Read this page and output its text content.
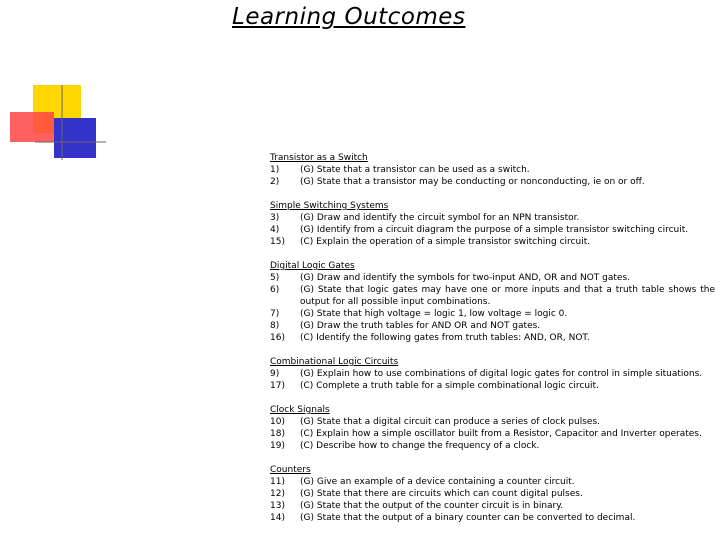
Learning Outcomes
Transistor as a Switch
1)	(G) State that a transistor can be used as a switch.
2)	(G) State that a transistor may be conducting or nonconducting, ie on or off.
Simple Switching Systems
3)	(G) Draw and identify the circuit symbol for an NPN transistor.
4)	(G) Identify from a circuit diagram the purpose of a simple transistor switching circuit.
15)	(C) Explain the operation of a simple transistor switching circuit.
Digital Logic Gates
5)	(G) Draw and identify the symbols for two-input AND, OR and NOT gates.
6)	(G) State that logic gates may have one or more inputs and that a truth table shows the output for all possible input combinations.
7)	(G) State that high voltage = logic 1, low voltage = logic 0.
8)	(G) Draw the truth tables for AND OR and NOT gates.
16)	(C) Identify the following gates from truth tables: AND, OR, NOT.
Combinational Logic Circuits
9)	(G) Explain how to use combinations of digital logic gates for control in simple situations.
17)	(C) Complete a truth table for a simple combinational logic circuit.
Clock Signals
10)	(G) State that a digital circuit can produce a series of clock pulses.
18)	(C) Explain how a simple oscillator built from a Resistor, Capacitor and Inverter operates.
19)	(C) Describe how to change the frequency of a clock.
Counters
11)	(G) Give an example of a device containing a counter circuit.
12)	(G) State that there are circuits which can count digital pulses.
13)	(G) State that the output of the counter circuit is in binary.
14)	(G) State that the output of a binary counter can be converted to decimal.
